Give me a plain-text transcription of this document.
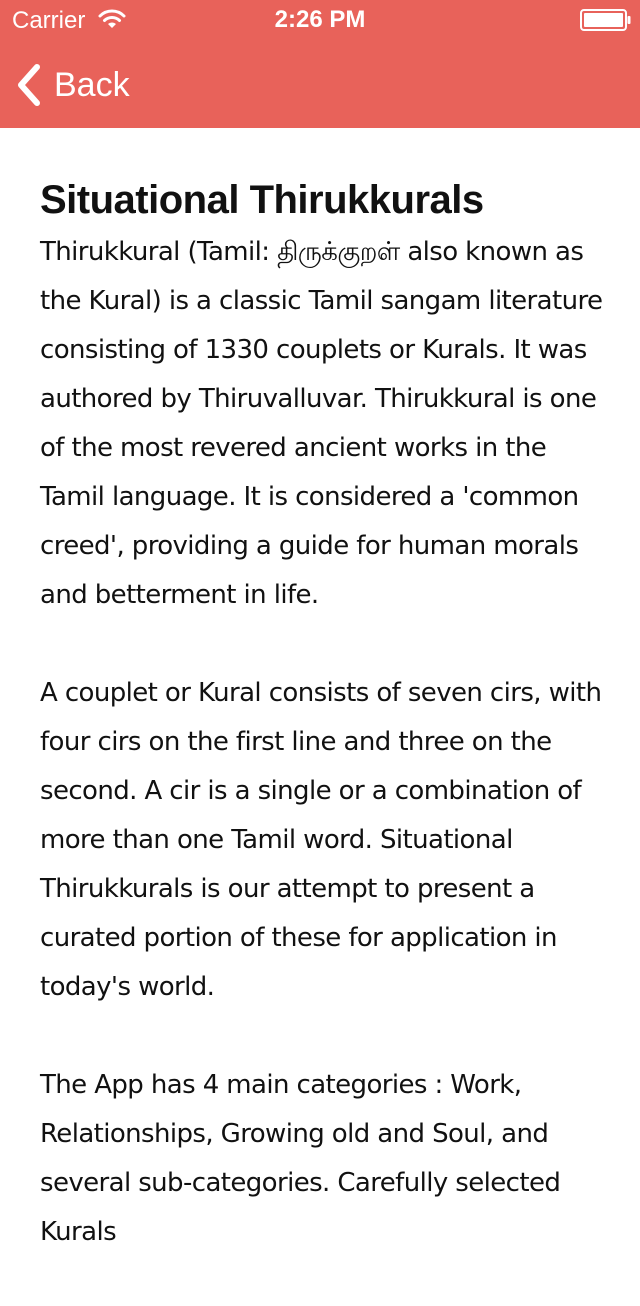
Carrier	2:26 PM
Back
Situational Thirukkurals

Thirukkural (Tamil: திருக்குறள் also known as the Kural) is a classic Tamil sangam literature consisting of 1330 couplets or Kurals. It was authored by Thiruvalluvar. Thirukkural is one of the most revered ancient works in the Tamil language. It is considered a 'common creed', providing a guide for human morals and betterment in life.

A couplet or Kural consists of seven cirs, with four cirs on the first line and three on the second. A cir is a single or a combination of more than one Tamil word. Situational Thirukkurals is our attempt to present a curated portion of these for application in today's world.

The App has 4 main categories : Work, Relationships, Growing old and Soul, and several sub-categories. Carefully selected Kurals
